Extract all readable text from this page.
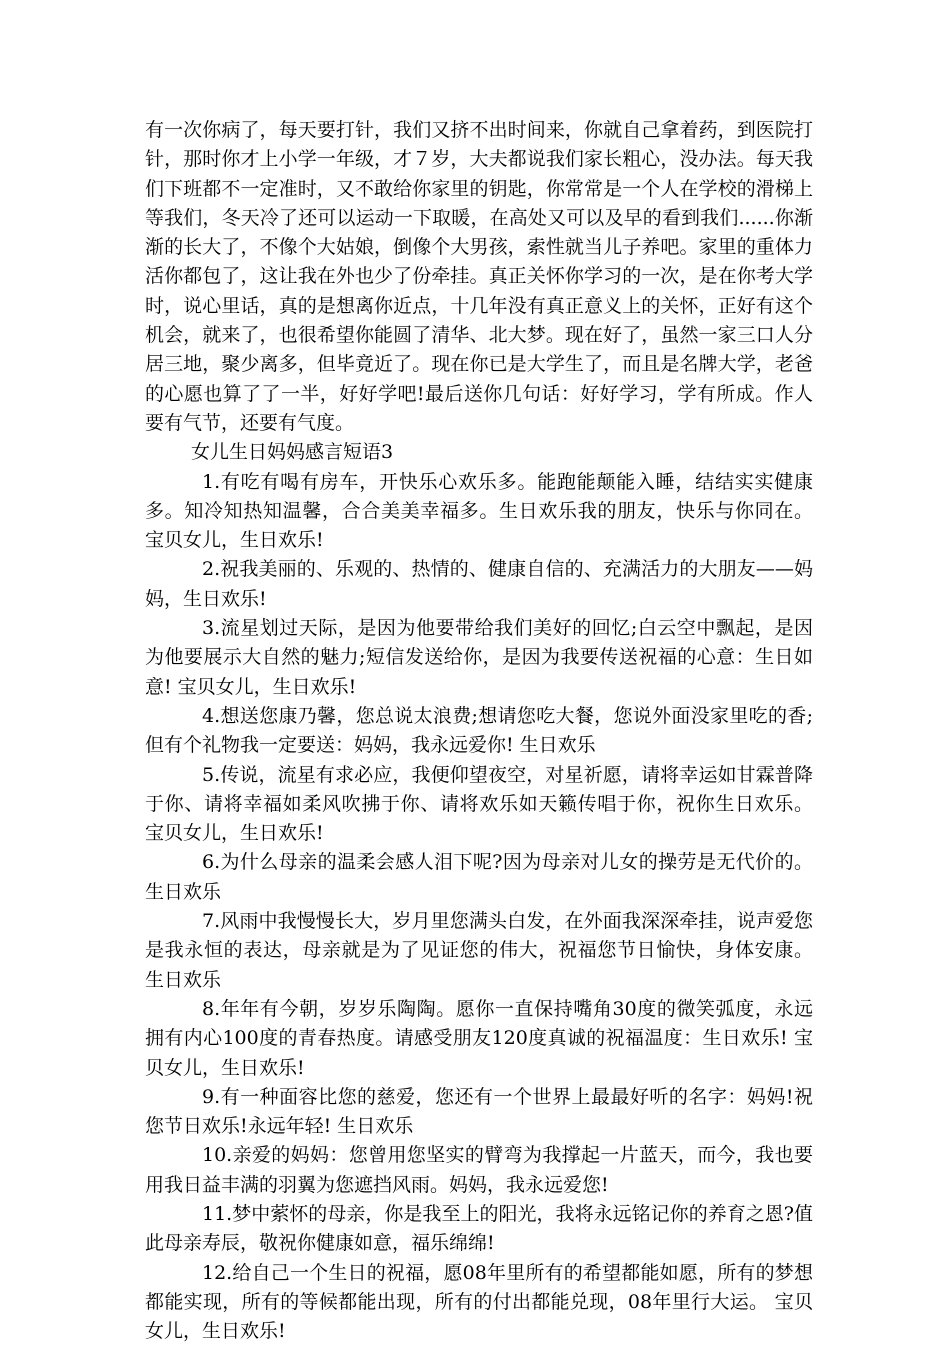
有一次你病了，每天要打针，我们又挤不出时间来，你就自己拿着药，到医院打针，那时你才上小学一年级，才７岁，大夫都说我们家长粗心，没办法。每天我们下班都不一定准时，又不敢给你家里的钥匙，你常常是一个人在学校的滑梯上等我们，冬天冷了还可以运动一下取暖，在高处又可以及早的看到我们......你渐渐的长大了，不像个大姑娘，倒像个大男孩，索性就当儿子养吧。家里的重体力活你都包了，这让我在外也少了份牵挂。真正关怀你学习的一次，是在你考大学时，说心里话，真的是想离你近点，十几年没有真正意义上的关怀，正好有这个机会，就来了，也很希望你能圆了清华、北大梦。现在好了，虽然一家三口人分居三地，聚少离多，但毕竟近了。现在你已是大学生了，而且是名牌大学，老爸的心愿也算了了一半，好好学吧!最后送你几句话：好好学习，学有所成。作人要有气节，还要有气度。

女儿生日妈妈感言短语3

1.有吃有喝有房车，开快乐心欢乐多。能跑能颠能入睡，结结实实健康多。知冷知热知温馨，合合美美幸福多。生日欢乐我的朋友，快乐与你同在。 宝贝女儿，生日欢乐!

2.祝我美丽的、乐观的、热情的、健康自信的、充满活力的大朋友——妈妈，生日欢乐!

3.流星划过天际，是因为他要带给我们美好的回忆;白云空中飘起，是因为他要展示大自然的魅力;短信发送给你，是因为我要传送祝福的心意：生日如意! 宝贝女儿，生日欢乐!

4.想送您康乃馨，您总说太浪费;想请您吃大餐，您说外面没家里吃的香;但有个礼物我一定要送：妈妈，我永远爱你! 生日欢乐

5.传说，流星有求必应，我便仰望夜空，对星祈愿，请将幸运如甘霖普降于你、请将幸福如柔风吹拂于你、请将欢乐如天籁传唱于你，祝你生日欢乐。 宝贝女儿，生日欢乐!

6.为什么母亲的温柔会感人泪下呢?因为母亲对儿女的操劳是无代价的。 生日欢乐

7.风雨中我慢慢长大，岁月里您满头白发，在外面我深深牵挂，说声爱您是我永恒的表达，母亲就是为了见证您的伟大，祝福您节日愉快，身体安康。 生日欢乐

8.年年有今朝，岁岁乐陶陶。愿你一直保持嘴角30度的微笑弧度，永远拥有内心100度的青春热度。请感受朋友120度真诚的祝福温度：生日欢乐! 宝贝女儿，生日欢乐!

9.有一种面容比您的慈爱，您还有一个世界上最最好听的名字：妈妈!祝您节日欢乐!永远年轻! 生日欢乐

10.亲爱的妈妈：您曾用您坚实的臂弯为我撑起一片蓝天，而今，我也要用我日益丰满的羽翼为您遮挡风雨。妈妈，我永远爱您!

11.梦中萦怀的母亲，你是我至上的阳光，我将永远铭记你的养育之恩?值此母亲寿辰，敬祝你健康如意，福乐绵绵!

12.给自己一个生日的祝福，愿08年里所有的希望都能如愿，所有的梦想都能实现，所有的等候都能出现，所有的付出都能兑现，08年里行大运。 宝贝女儿，生日欢乐!
